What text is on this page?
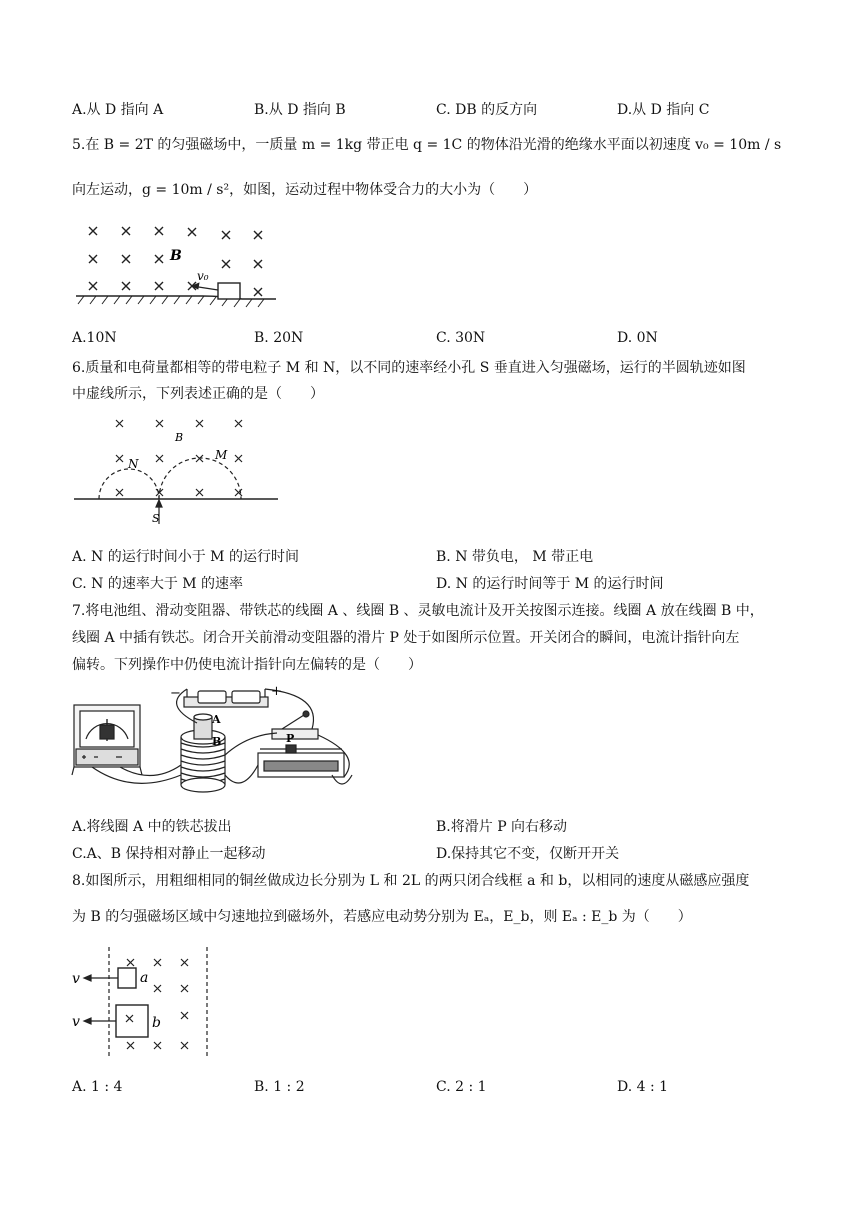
A.从 D 指向 A	B.从 D 指向 B	C. DB 的反方向	D.从 D 指向 C
5.在 B = 2T 的匀强磁场中，一质量 m = 1kg 带正电 q = 1C 的物体沿光滑的绝缘水平面以初速度 v₀ = 10m / s
向左运动，g = 10m / s²，如图，运动过程中物体受合力的大小为（　　）
B
v₀
A.10N	B. 20N	C. 30N	D. 0N
6.质量和电荷量都相等的带电粒子 M 和 N，以不同的速率经小孔 S 垂直进入匀强磁场，运行的半圆轨迹如图
中虚线所示，下列表述正确的是（　　）
B
N
M
S
A. N 的运行时间小于 M 的运行时间	B. N 带负电， M 带正电
C. N 的速率大于 M 的速率	D. N 的运行时间等于 M 的运行时间
7.将电池组、滑动变阻器、带铁芯的线圈 A 、线圈 B 、灵敏电流计及开关按图示连接。线圈 A 放在线圈 B 中，
线圈 A 中插有铁芯。闭合开关前滑动变阻器的滑片 P 处于如图所示位置。开关闭合的瞬间，电流计指针向左
偏转。下列操作中仍使电流计指针向左偏转的是（　　）
−	+
A
B	P
A.将线圈 A 中的铁芯拔出	B.将滑片 P 向右移动
C.A、B 保持相对静止一起移动	D.保持其它不变，仅断开开关
8.如图所示，用粗细相同的铜丝做成边长分别为 L 和 2L 的两只闭合线框 a 和 b，以相同的速度从磁感应强度
为 B 的匀强磁场区域中匀速地拉到磁场外，若感应电动势分别为 Eₐ，E_b，则 Eₐ : E_b 为（　　）
v
v
a
b
A. 1 : 4	B. 1 : 2	C. 2 : 1	D. 4 : 1
